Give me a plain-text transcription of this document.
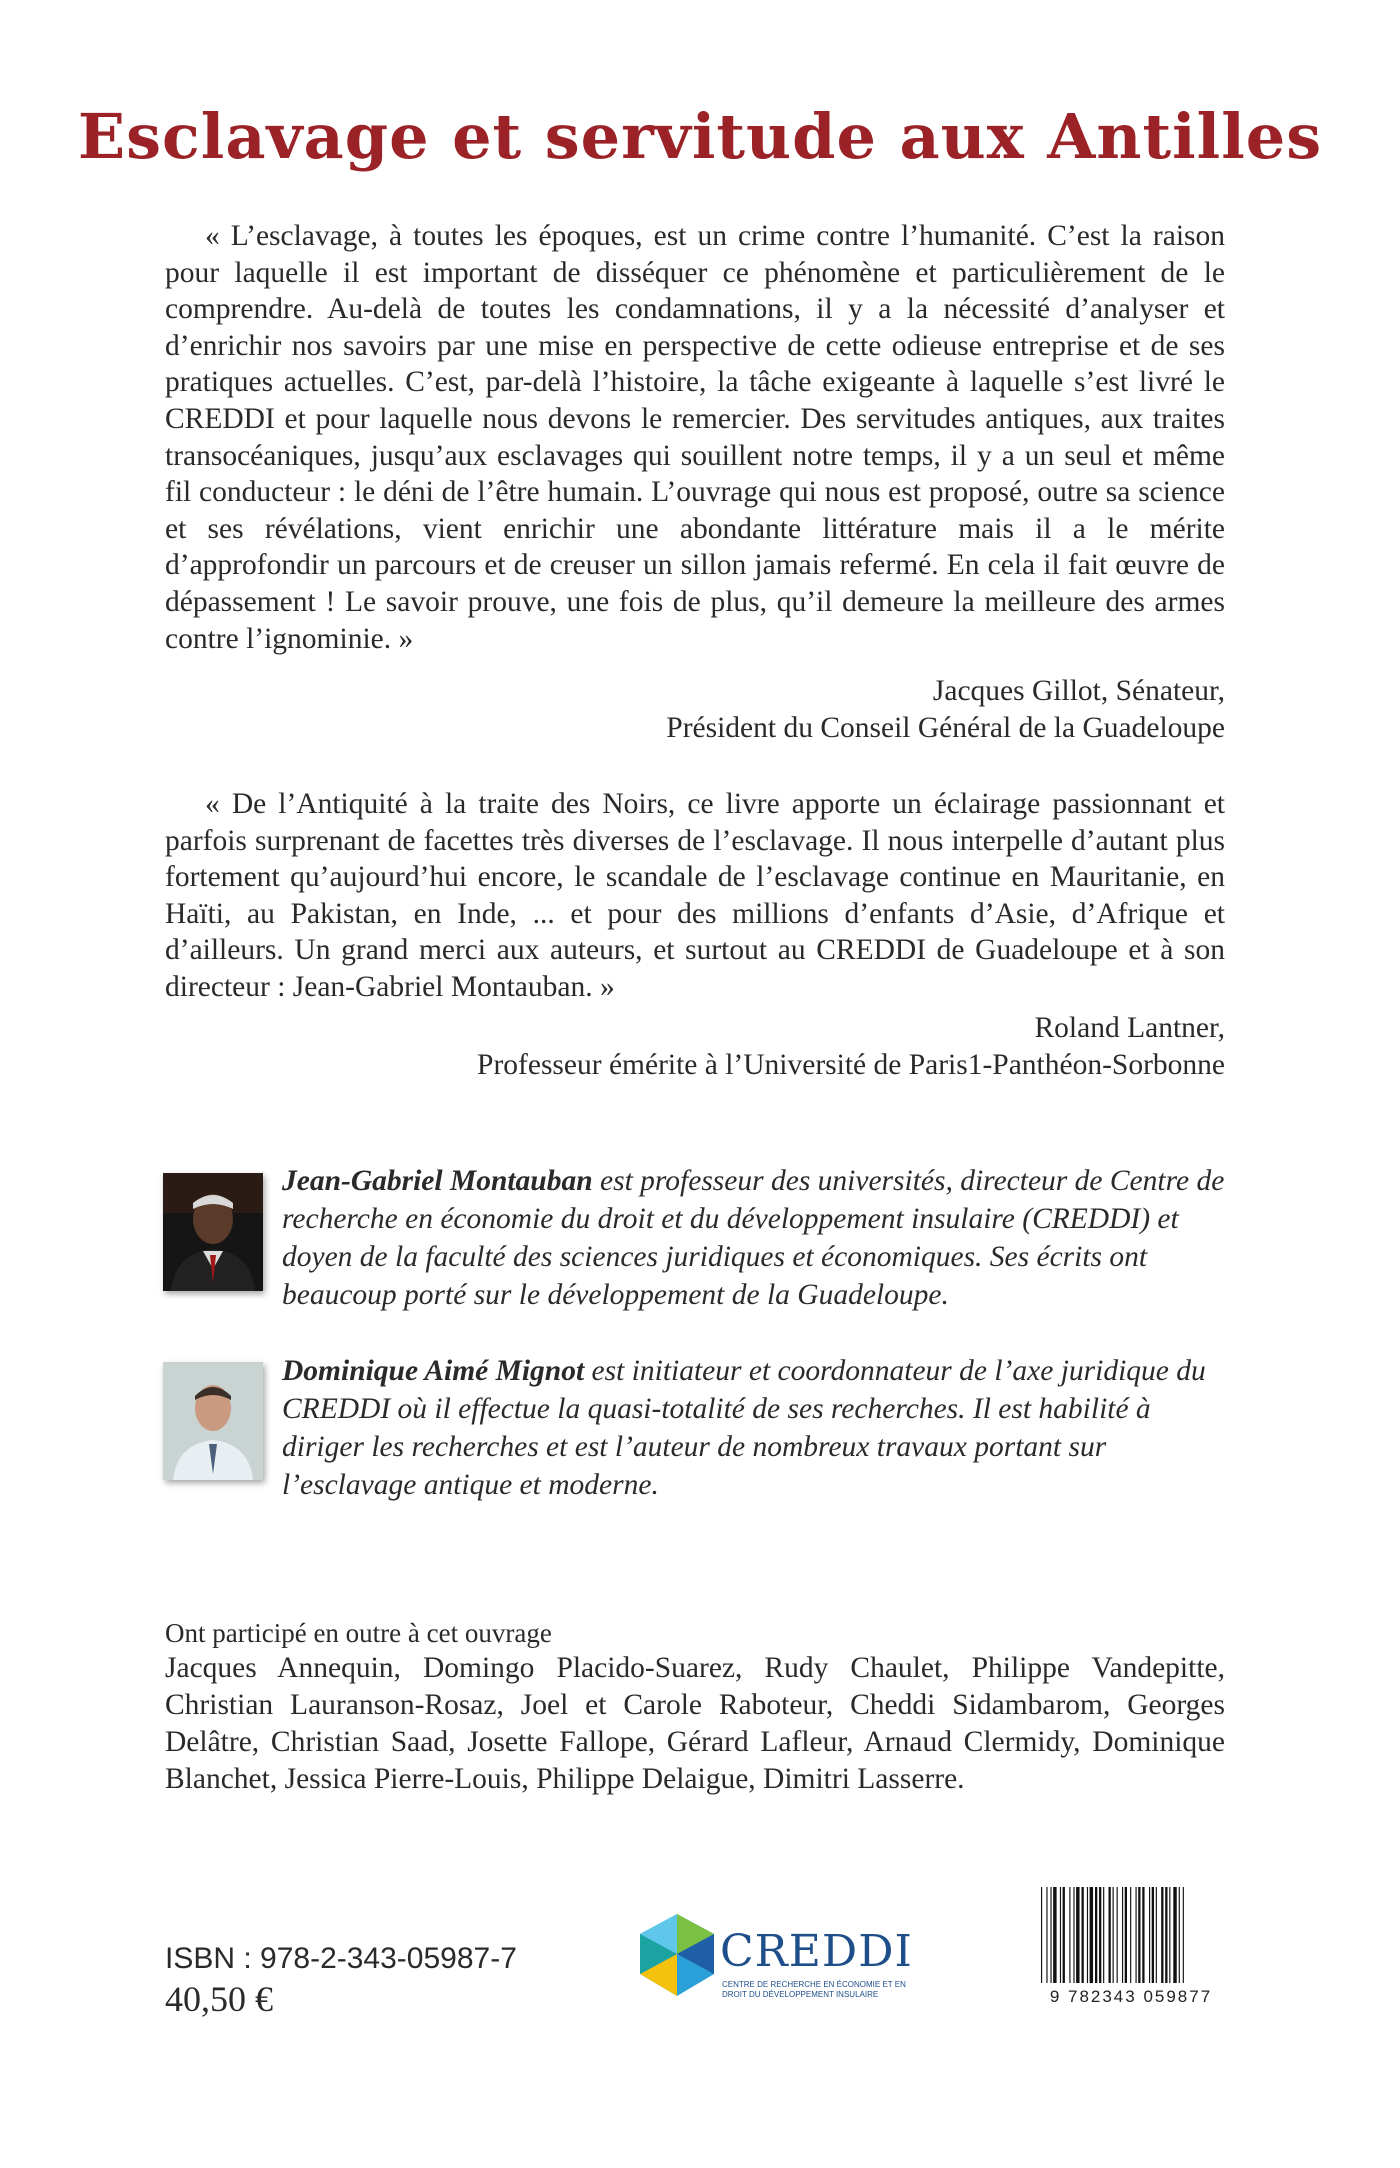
Esclavage et servitude aux Antilles

« L’esclavage, à toutes les époques, est un crime contre l’humanité. C’est la raison pour laquelle il est important de disséquer ce phénomène et particulièrement de le comprendre. Au-delà de toutes les condamnations, il y a la nécessité d’analyser et d’enrichir nos savoirs par une mise en perspective de cette odieuse entreprise et de ses pratiques actuelles. C’est, par-delà l’histoire, la tâche exigeante à laquelle s’est livré le CREDDI et pour laquelle nous devons le remercier. Des servitudes antiques, aux traites transocéaniques, jusqu’aux esclavages qui souillent notre temps, il y a un seul et même fil conducteur : le déni de l’être humain. L’ouvrage qui nous est proposé, outre sa science et ses révélations, vient enrichir une abondante littérature mais il a le mérite d’approfondir un parcours et de creuser un sillon jamais refermé. En cela il fait œuvre de dépassement ! Le savoir prouve, une fois de plus, qu’il demeure la meilleure des armes contre l’ignominie. »

Jacques Gillot, Sénateur,
Président du Conseil Général de la Guadeloupe

« De l’Antiquité à la traite des Noirs, ce livre apporte un éclairage passionnant et parfois surprenant de facettes très diverses de l’esclavage. Il nous interpelle d’autant plus fortement qu’aujourd’hui encore, le scandale de l’esclavage continue en Mauritanie, en Haïti, au Pakistan, en Inde, ... et pour des millions d’enfants d’Asie, d’Afrique et d’ailleurs. Un grand merci aux auteurs, et surtout au CREDDI de Guadeloupe et à son directeur : Jean-Gabriel Montauban. »

Roland Lantner,
Professeur émérite à l’Université de Paris1-Panthéon-Sorbonne

Jean-Gabriel Montauban est professeur des universités, directeur de Centre de recherche en économie du droit et du développement insulaire (CREDDI) et doyen de la faculté des sciences juridiques et économiques. Ses écrits ont beaucoup porté sur le développement de la Guadeloupe.

Dominique Aimé Mignot est initiateur et coordonnateur de l’axe juridique du CREDDI où il effectue la quasi-totalité de ses recherches. Il est habilité à diriger les recherches et est l’auteur de nombreux travaux portant sur l’esclavage antique et moderne.

Ont participé en outre à cet ouvrage

Jacques Annequin, Domingo Placido-Suarez, Rudy Chaulet, Philippe Vandepitte, Christian Lauranson-Rosaz, Joel et Carole Raboteur, Cheddi Sidambarom, Georges Delâtre, Christian Saad, Josette Fallope, Gérard Lafleur, Arnaud Clermidy, Dominique Blanchet, Jessica Pierre-Louis, Philippe Delaigue, Dimitri Lasserre.

ISBN : 978-2-343-05987-7
40,50 €
CREDDI
CENTRE DE RECHERCHE EN ÉCONOMIE ET EN DROIT DU DÉVELOPPEMENT INSULAIRE	9 782343 059877
